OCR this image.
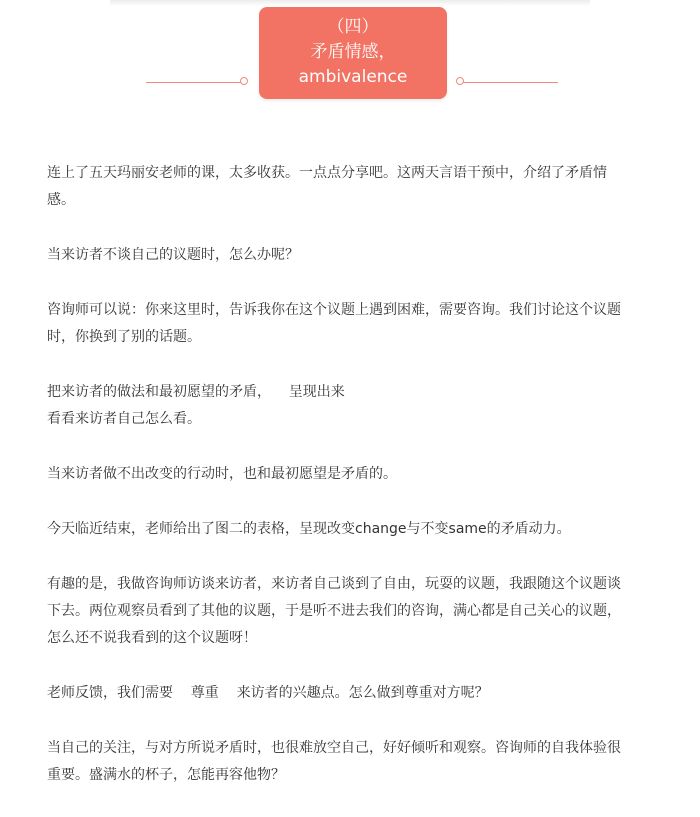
（四）
矛盾情感，
ambivalence

连上了五天玛丽安老师的课，太多收获。一点点分享吧。这两天言语干预中，介绍了矛盾情
感。

当来访者不谈自己的议题时，怎么办呢？

咨询师可以说：你来这里时，告诉我你在这个议题上遇到困难，需要咨询。我们讨论这个议题
时，你换到了别的话题。

把来访者的做法和最初愿望的矛盾，    呈现出来
看看来访者自己怎么看。

当来访者做不出改变的行动时，也和最初愿望是矛盾的。

今天临近结束，老师给出了图二的表格，呈现改变change与不变same的矛盾动力。

有趣的是，我做咨询师访谈来访者，来访者自己谈到了自由，玩耍的议题，我跟随这个议题谈
下去。两位观察员看到了其他的议题，于是听不进去我们的咨询，满心都是自己关心的议题，
怎么还不说我看到的这个议题呀！

老师反馈，我们需要    尊重    来访者的兴趣点。怎么做到尊重对方呢？

当自己的关注，与对方所说矛盾时，也很难放空自己，好好倾听和观察。咨询师的自我体验很
重要。盛满水的杯子，怎能再容他物？
